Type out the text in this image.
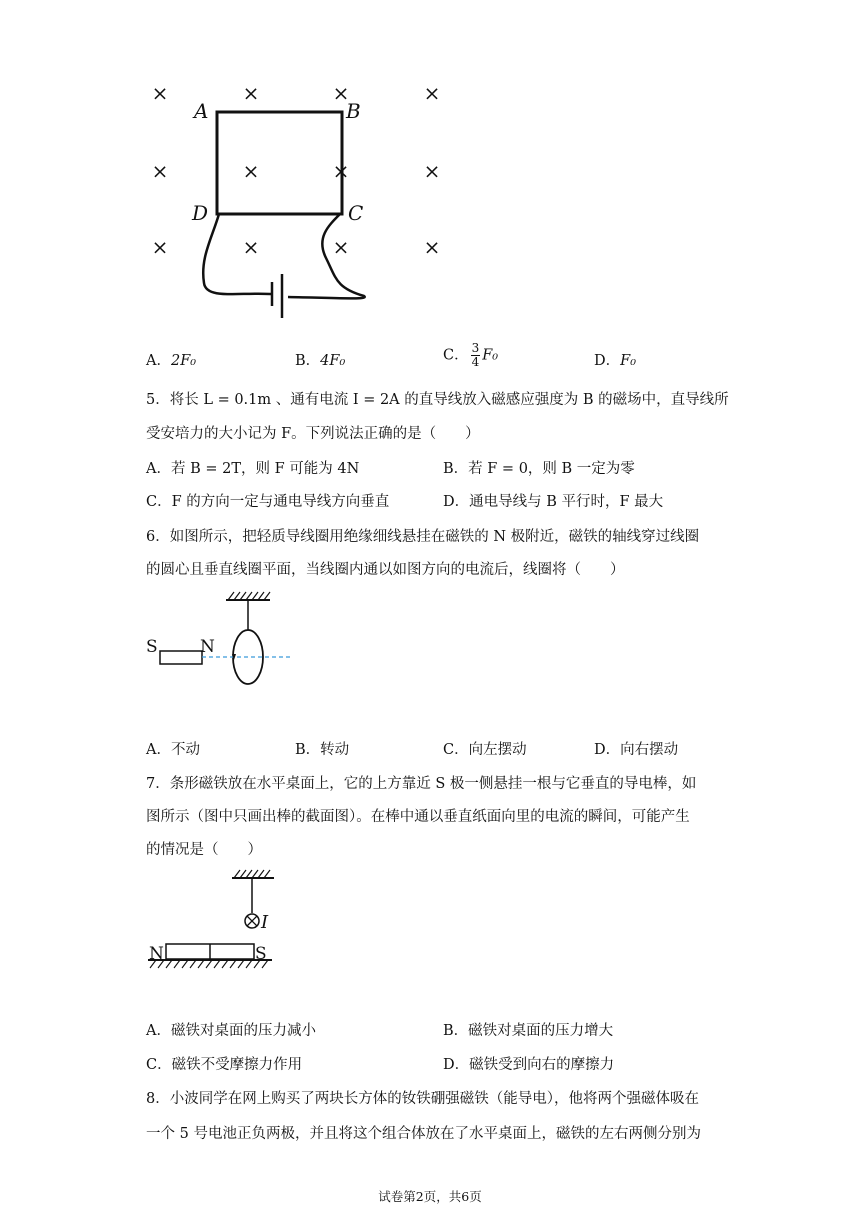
×	×	×	×
×	×	×	×
×	×	×	×
A	B
D	C
A．2F₀	B．4F₀	C． $\frac{3}{4} F_0$	D．F₀
5．将长 L = 0.1m 、通有电流 I = 2A 的直导线放入磁感应强度为 B 的磁场中，直导线所
受安培力的大小记为 F。下列说法正确的是（　　）
A．若 B = 2T，则 F 可能为 4N	B．若 F = 0，则 B 一定为零
C．F 的方向一定与通电导线方向垂直	D．通电导线与 B 平行时，F 最大
6．如图所示，把轻质导线圈用绝缘细线悬挂在磁铁的 N 极附近，磁铁的轴线穿过线圈
的圆心且垂直线圈平面，当线圈内通以如图方向的电流后，线圈将（　　）
S N
A．不动	B．转动	C．向左摆动	D．向右摆动
7．条形磁铁放在水平桌面上，它的上方靠近 S 极一侧悬挂一根与它垂直的导电棒，如
图所示（图中只画出棒的截面图）。在棒中通以垂直纸面向里的电流的瞬间，可能产生
的情况是（　　）
I
N	S
A．磁铁对桌面的压力减小	B．磁铁对桌面的压力增大
C．磁铁不受摩擦力作用	D．磁铁受到向右的摩擦力
8．小波同学在网上购买了两块长方体的钕铁硼强磁铁（能导电），他将两个强磁体吸在
一个 5 号电池正负两极，并且将这个组合体放在了水平桌面上，磁铁的左右两侧分别为
试卷第2页，共6页
